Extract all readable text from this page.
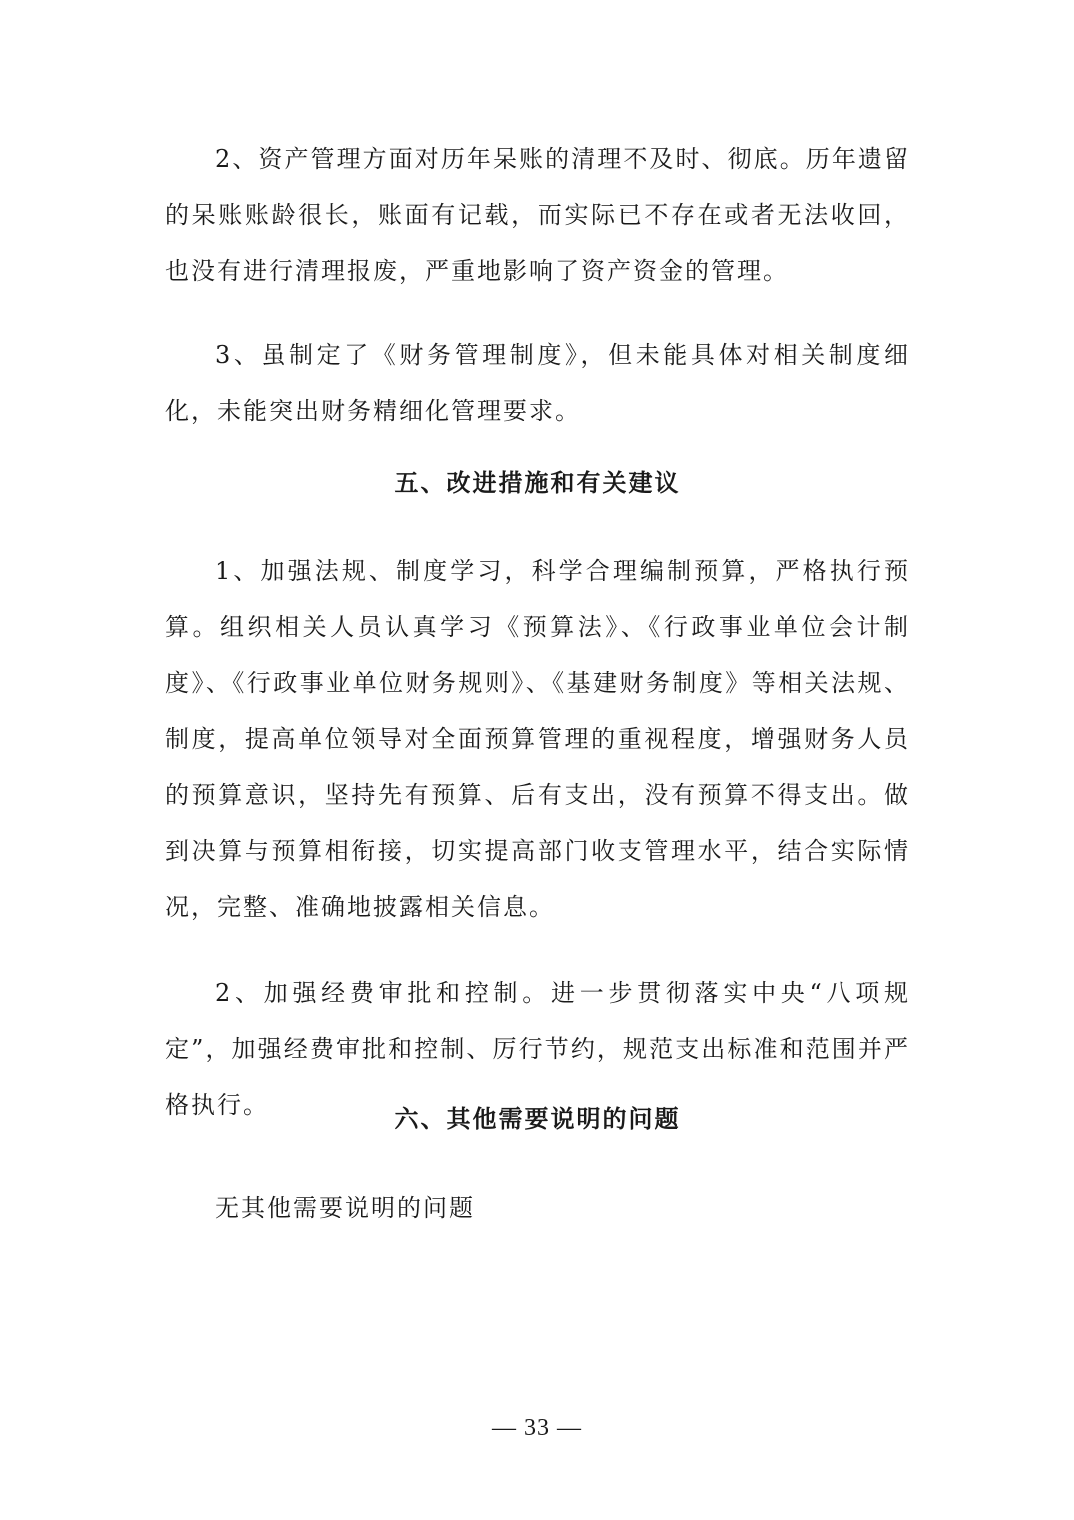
2、资产管理方面对历年呆账的清理不及时、彻底。历年遗留的呆账账龄很长，账面有记载，而实际已不存在或者无法收回，也没有进行清理报废，严重地影响了资产资金的管理。

3、虽制定了《财务管理制度》，但未能具体对相关制度细化，未能突出财务精细化管理要求。

五、改进措施和有关建议

1、加强法规、制度学习，科学合理编制预算，严格执行预算。组织相关人员认真学习《预算法》、《行政事业单位会计制度》、《行政事业单位财务规则》、《基建财务制度》等相关法规、制度，提高单位领导对全面预算管理的重视程度，增强财务人员的预算意识，坚持先有预算、后有支出，没有预算不得支出。做到决算与预算相衔接，切实提高部门收支管理水平，结合实际情况，完整、准确地披露相关信息。

2、加强经费审批和控制。进一步贯彻落实中央“八项规定”，加强经费审批和控制、厉行节约，规范支出标准和范围并严格执行。	六、其他需要说明的问题

无其他需要说明的问题

— 33 —
